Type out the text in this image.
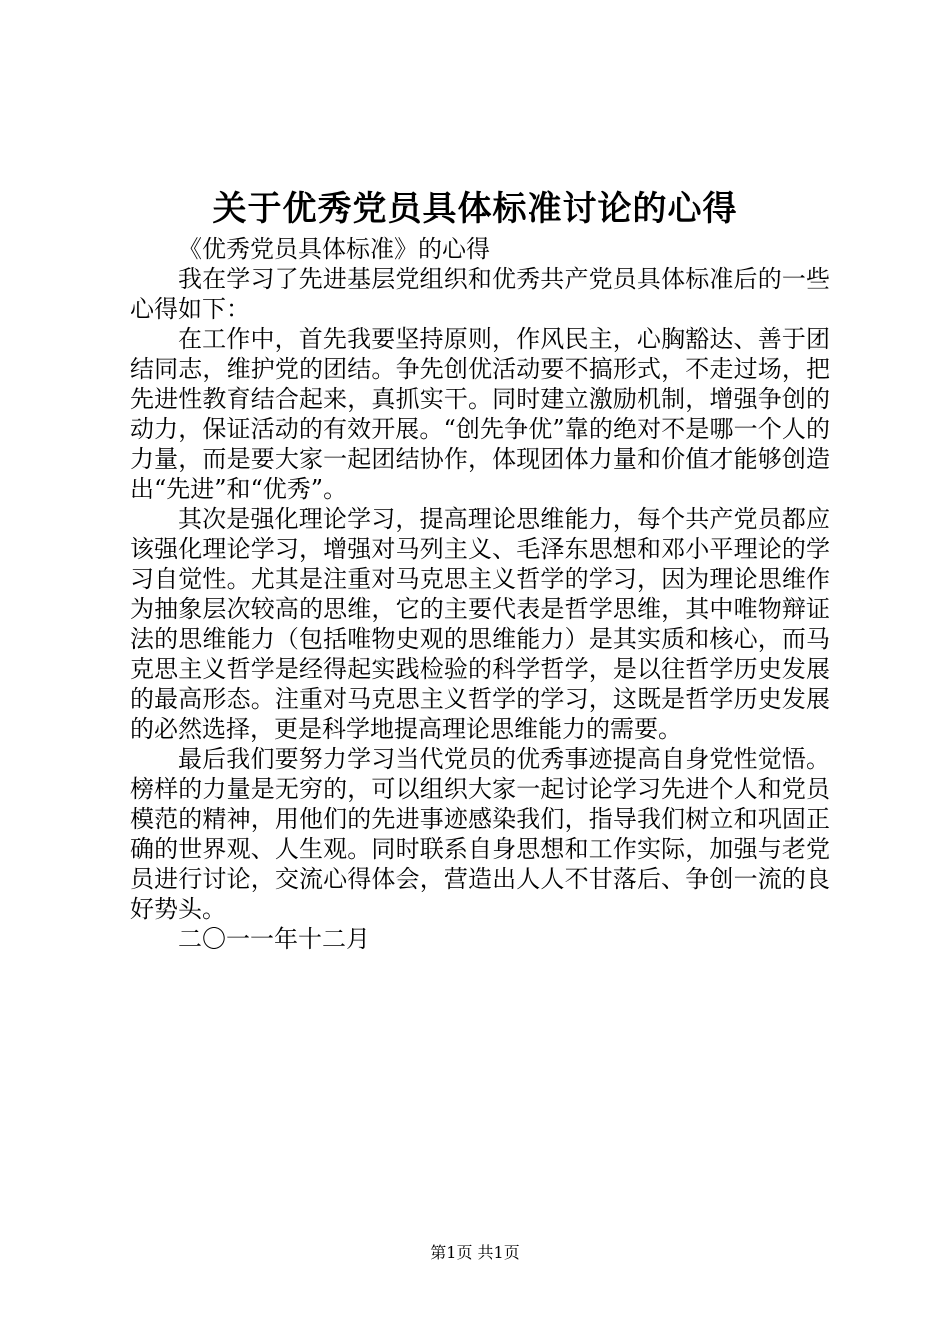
关于优秀党员具体标准讨论的心得

《优秀党员具体标准》的心得

我在学习了先进基层党组织和优秀共产党员具体标准后的一些心得如下：

在工作中，首先我要坚持原则，作风民主，心胸豁达、善于团结同志，维护党的团结。争先创优活动要不搞形式，不走过场，把先进性教育结合起来，真抓实干。同时建立激励机制，增强争创的动力，保证活动的有效开展。“创先争优”靠的绝对不是哪一个人的力量，而是要大家一起团结协作，体现团体力量和价值才能够创造出“先进”和“优秀”。

其次是强化理论学习，提高理论思维能力，每个共产党员都应该强化理论学习，增强对马列主义、毛泽东思想和邓小平理论的学习自觉性。尤其是注重对马克思主义哲学的学习，因为理论思维作为抽象层次较高的思维，它的主要代表是哲学思维，其中唯物辩证法的思维能力（包括唯物史观的思维能力）是其实质和核心，而马克思主义哲学是经得起实践检验的科学哲学，是以往哲学历史发展的最高形态。注重对马克思主义哲学的学习，这既是哲学历史发展的必然选择，更是科学地提高理论思维能力的需要。

最后我们要努力学习当代党员的优秀事迹提高自身党性觉悟。榜样的力量是无穷的，可以组织大家一起讨论学习先进个人和党员模范的精神，用他们的先进事迹感染我们，指导我们树立和巩固正确的世界观、人生观。同时联系自身思想和工作实际，加强与老党员进行讨论，交流心得体会，营造出人人不甘落后、争创一流的良好势头。

二〇一一年十二月

第1页 共1页
